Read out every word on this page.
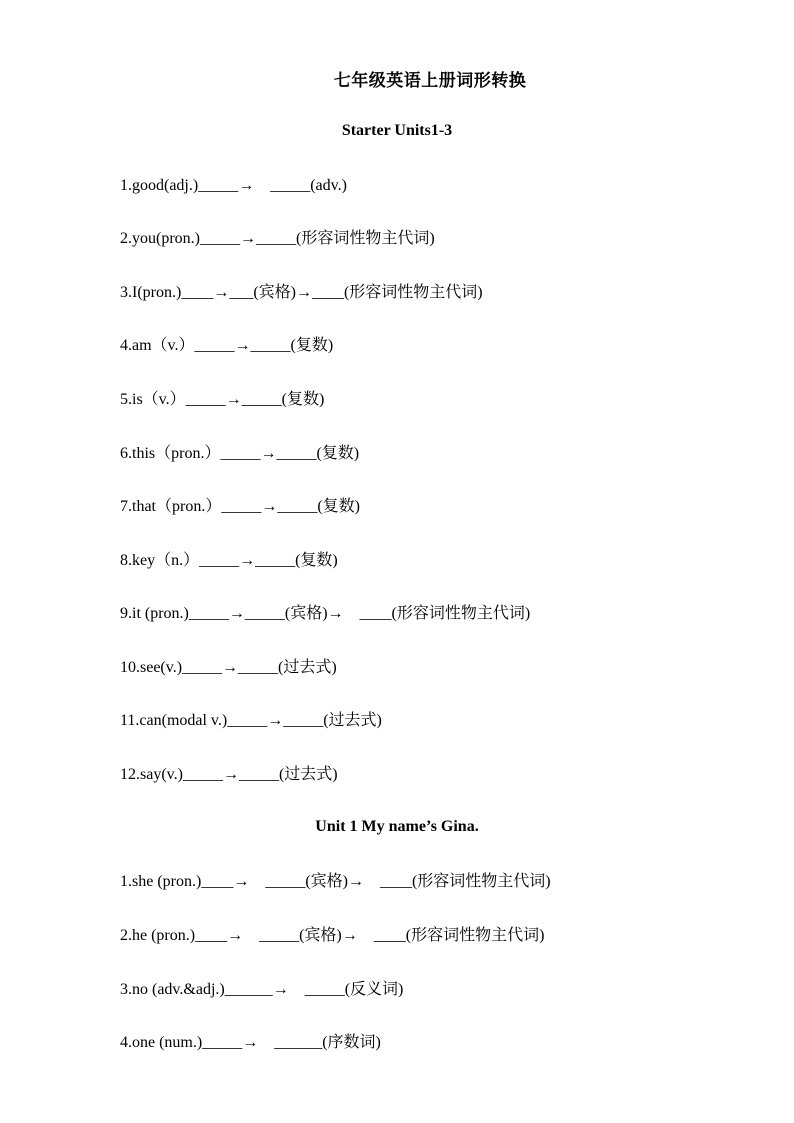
七年级英语上册词形转换
Starter Units1-3
1.good(adj.)_____→    _____(adv.)
2.you(pron.)_____→_____(形容词性物主代词)
3.I(pron.)____→___(宾格)→____(形容词性物主代词)
4.am（v.）_____→_____(复数)
5.is（v.）_____→_____(复数)
6.this（pron.）_____→_____(复数)
7.that（pron.）_____→_____(复数)
8.key（n.）_____→_____(复数)
9.it (pron.)_____→_____(宾格)→    ____(形容词性物主代词)
10.see(v.)_____→_____(过去式)
11.can(modal v.)_____→_____(过去式)
12.say(v.)_____→_____(过去式)
Unit 1 My name’s Gina.
1.she (pron.)____→    _____(宾格)→    ____(形容词性物主代词)
2.he (pron.)____→    _____(宾格)→    ____(形容词性物主代词)
3.no (adv.&adj.)______→    _____(反义词)
4.one (num.)_____→    ______(序数词)
